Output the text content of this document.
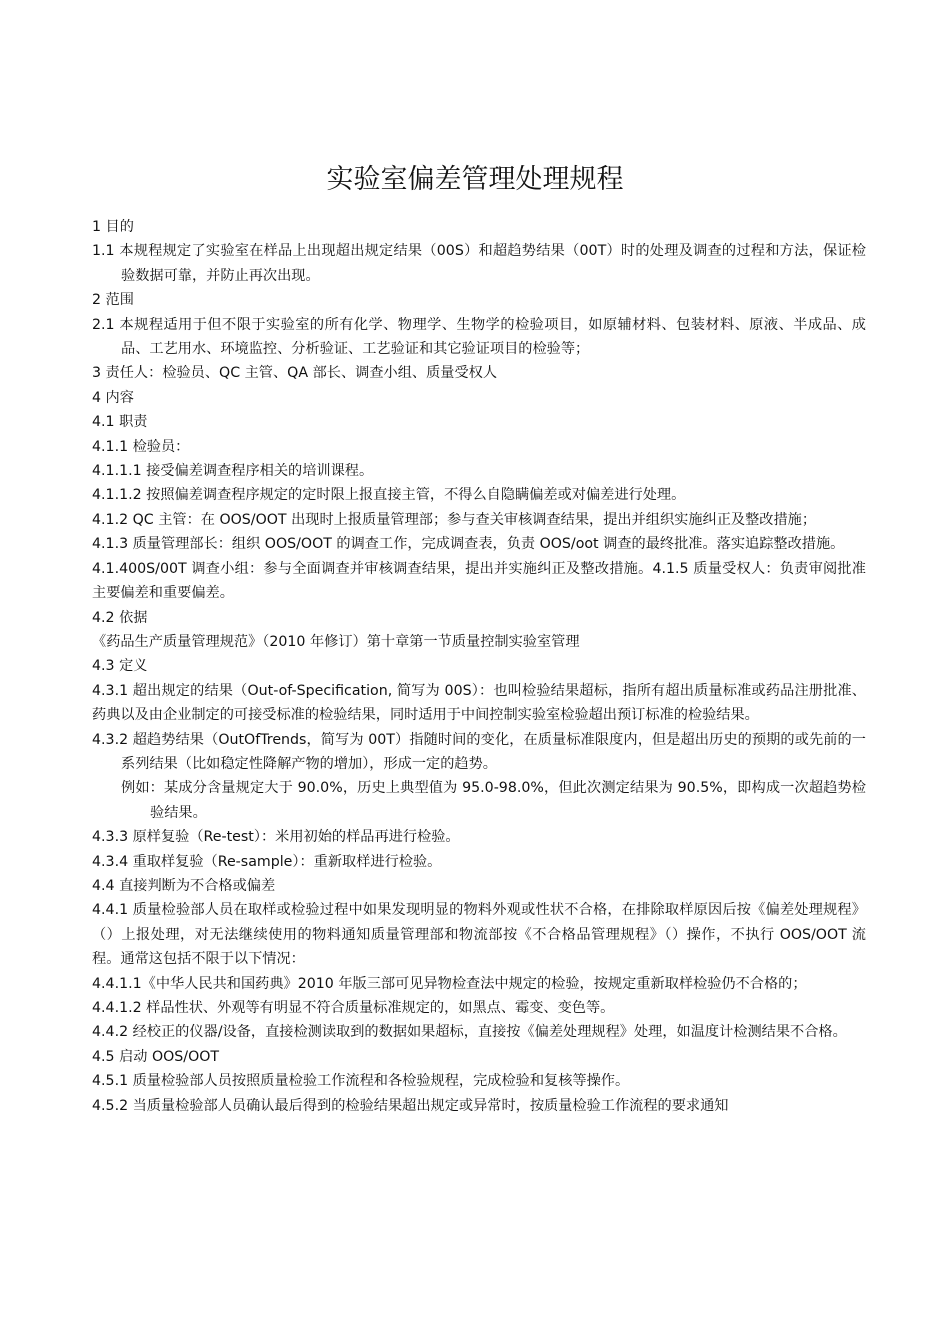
实验室偏差管理处理规程

1 目的

1.1 本规程规定了实验室在样品上出现超出规定结果（00S）和超趋势结果（00T）时的处理及调查的过程和方法，保证检验数据可靠，并防止再次出现。

2 范围

2.1 本规程适用于但不限于实验室的所有化学、物理学、生物学的检验项目，如原辅材料、包装材料、原液、半成品、成品、工艺用水、环境监控、分析验证、工艺验证和其它验证项目的检验等；

3 责任人：检验员、QC 主管、QA 部长、调查小组、质量受权人

4 内容

4.1 职责

4.1.1 检验员：

4.1.1.1 接受偏差调查程序相关的培训课程。

4.1.1.2 按照偏差调查程序规定的定时限上报直接主管，不得么自隐瞒偏差或对偏差进行处理。

4.1.2 QC 主管：在 OOS/OOT 出现时上报质量管理部；参与查关审核调查结果，提出并组织实施纠正及整改措施；

4.1.3 质量管理部长：组织 OOS/OOT 的调查工作，完成调查表，负责 OOS/oot 调查的最终批准。落实追踪整改措施。

4.1.400S/00T 调查小组：参与全面调查并审核调查结果，提出并实施纠正及整改措施。4.1.5 质量受权人：负责审阅批准主要偏差和重要偏差。

4.2 依据

《药品生产质量管理规范》（2010 年修订）第十章第一节质量控制实验室管理

4.3 定义

4.3.1 超出规定的结果（Out-of-Specification, 简写为 00S）：也叫检验结果超标，指所有超出质量标准或药品注册批准、药典以及由企业制定的可接受标准的检验结果，同时适用于中间控制实验室检验超出预订标准的检验结果。

4.3.2 超趋势结果（OutOfTrends，简写为 00T）指随时间的变化，在质量标准限度内，但是超出历史的预期的或先前的一系列结果（比如稳定性降解产物的增加），形成一定的趋势。

例如：某成分含量规定大于 90.0%，历史上典型值为 95.0-98.0%，但此次测定结果为 90.5%，即构成一次超趋势检验结果。

4.3.3 原样复验（Re-test）：米用初始的样品再进行检验。

4.3.4 重取样复验（Re-sample）：重新取样进行检验。

4.4 直接判断为不合格或偏差

4.4.1 质量检验部人员在取样或检验过程中如果发现明显的物料外观或性状不合格，在排除取样原因后按《偏差处理规程》（）上报处理，对无法继续使用的物料通知质量管理部和物流部按《不合格品管理规程》（）操作，不执行 OOS/OOT 流程。通常这包括不限于以下情况：

4.4.1.1《中华人民共和国药典》2010 年版三部可见异物检查法中规定的检验，按规定重新取样检验仍不合格的；

4.4.1.2 样品性状、外观等有明显不符合质量标准规定的，如黑点、霉变、变色等。

4.4.2 经校正的仪器/设备，直接检测读取到的数据如果超标，直接按《偏差处理规程》处理，如温度计检测结果不合格。

4.5 启动 OOS/OOT

4.5.1 质量检验部人员按照质量检验工作流程和各检验规程，完成检验和复核等操作。

4.5.2 当质量检验部人员确认最后得到的检验结果超出规定或异常时，按质量检验工作流程的要求通知
